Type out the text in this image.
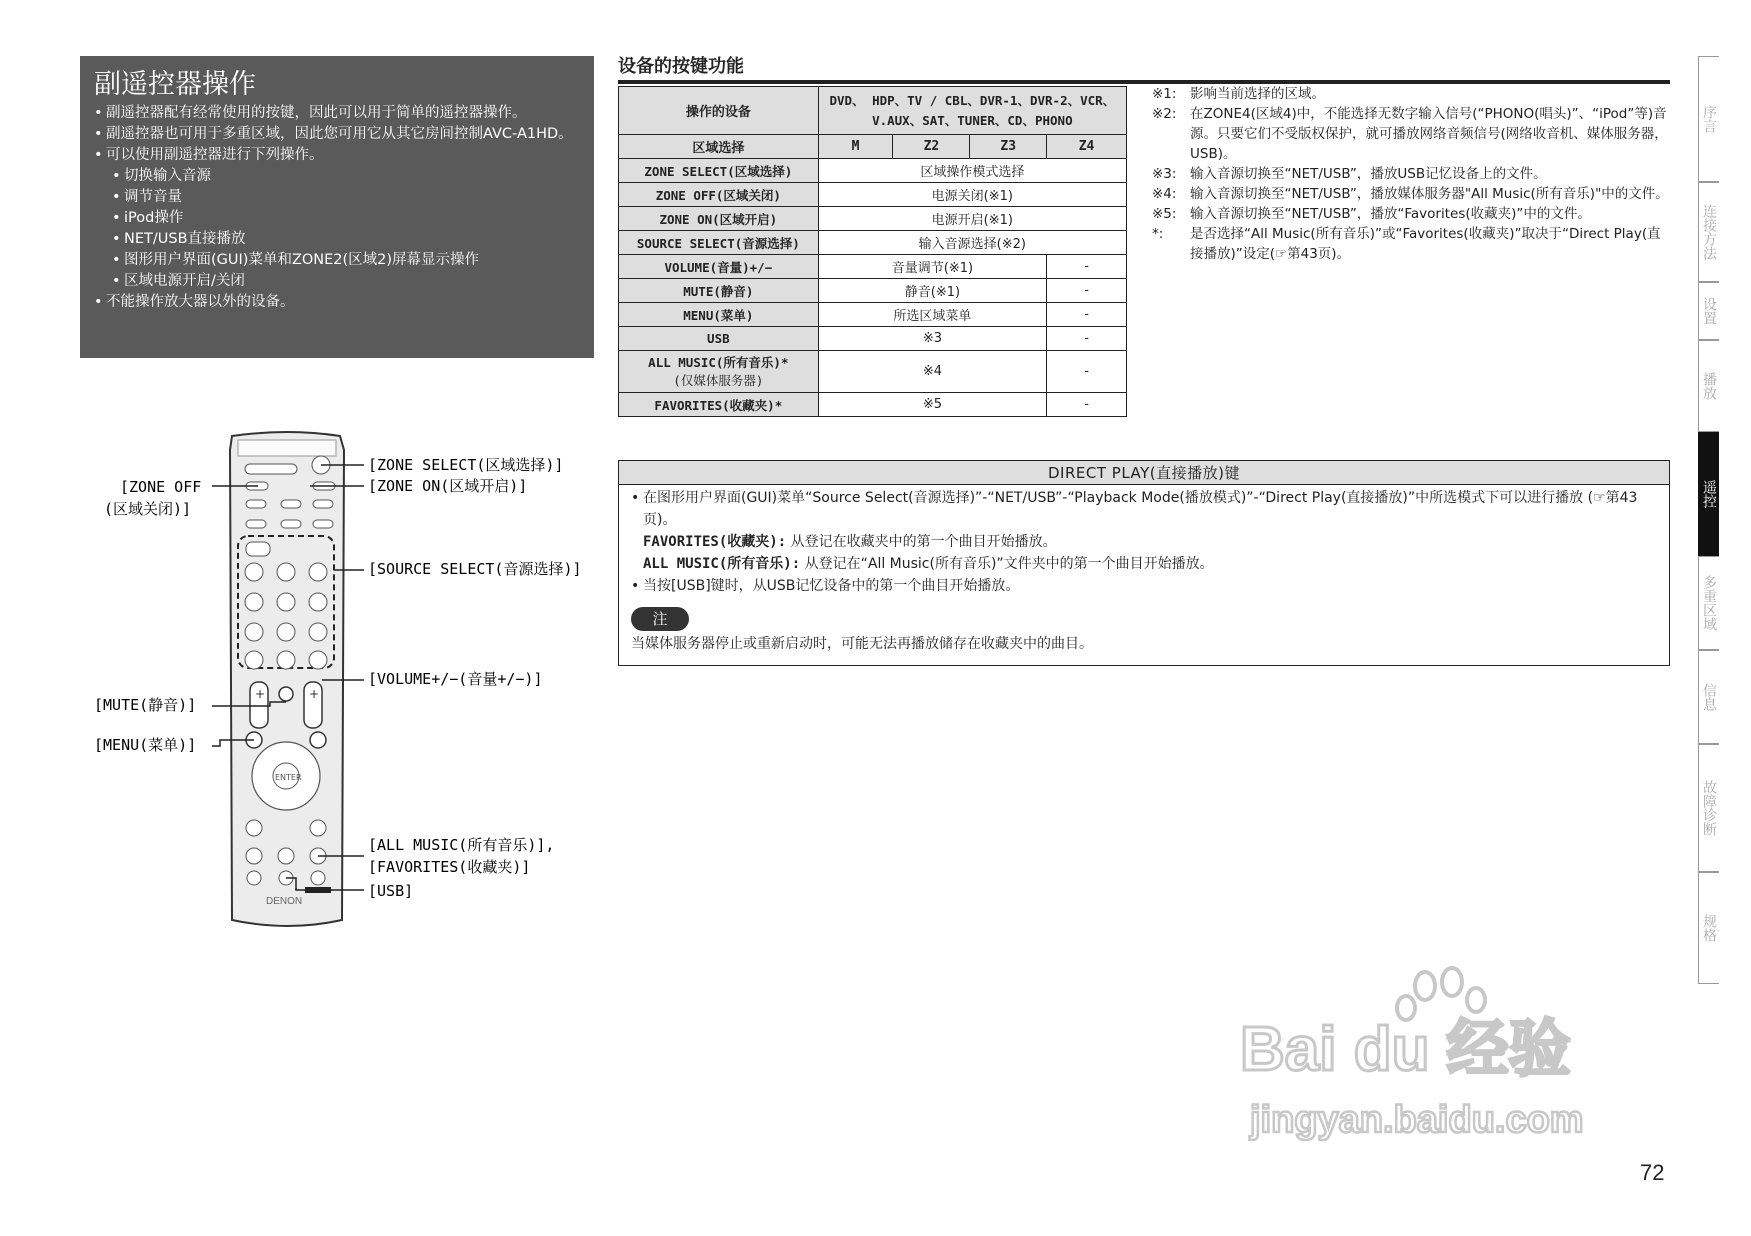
副遥控器操作
• 副遥控器配有经常使用的按键，因此可以用于简单的遥控器操作。
• 副遥控器也可用于多重区域，因此您可用它从其它房间控制AVC-A1HD。
• 可以使用副遥控器进行下列操作。
• 切换输入音源
• 调节音量
• iPod操作
• NET/USB直接播放
• 图形用户界面(GUI)菜单和ZONE2(区域2)屏幕显示操作
• 区域电源开启/关闭
• 不能操作放大器以外的设备。
设备的按键功能
操作的设备	DVD、 HDP、TV / CBL、DVR-1、DVR-2、VCR、V.AUX、SAT、TUNER、CD、PHONO			
区域选择	M	Z2	Z3	Z4
ZONE SELECT(区域选择)	区域操作模式选择			
ZONE OFF(区域关闭)	电源关闭(※1)			
ZONE ON(区域开启)	电源开启(※1)			
SOURCE SELECT(音源选择)	输入音源选择(※2)			
VOLUME(音量)+/−	音量调节(※1)			-
MUTE(静音)	静音(※1)			-
MENU(菜单)	所选区域菜单			-
USB	※3			-

ALL MUSIC(所有音乐)*
(仅媒体服务器)	※4			-
FAVORITES(收藏夹)*	※5			-
※1:	影响当前选择的区域。
※2:	在ZONE4(区域4)中，不能选择无数字输入信号(“PHONO(唱头)”、“iPod”等)音源。只要它们不受版权保护，就可播放网络音频信号(网络收音机、媒体服务器，USB)。
※3:	输入音源切换至“NET/USB”，播放USB记忆设备上的文件。
※4:	输入音源切换至“NET/USB”，播放媒体服务器"All Music(所有音乐)"中的文件。
※5:	输入音源切换至“NET/USB”，播放“Favorites(收藏夹)”中的文件。
*:	是否选择“All Music(所有音乐)”或“Favorites(收藏夹)”取决于“Direct Play(直接播放)”设定(☞第43页)。
DIRECT PLAY(直接播放)键
• 在图形用户界面(GUI)菜单“Source Select(音源选择)”-“NET/USB”-“Playback Mode(播放模式)”-“Direct Play(直接播放)”中所选模式下可以进行播放 (☞第43页)。
FAVORITES(收藏夹): 从登记在收藏夹中的第一个曲目开始播放。
ALL MUSIC(所有音乐): 从登记在“All Music(所有音乐)”文件夹中的第一个曲目开始播放。
• 当按[USB]键时，从USB记忆设备中的第一个曲目开始播放。
注
当媒体服务器停止或重新启动时，可能无法再播放储存在收藏夹中的曲目。
+	+
ENTER
DENON
[ZONE SELECT(区域选择)]
[ZONE ON(区域开启)]
[ZONE OFF
(区域关闭)]
[SOURCE SELECT(音源选择)]
[VOLUME+/−(音量+/−)]
[MUTE(静音)]
[MENU(菜单)]
[ALL MUSIC(所有音乐)],
[FAVORITES(收藏夹)]
[USB]
序言
连接方法
设置
播放
遥控
多重区域
信息
故障诊断
规格
Bai du 经验
jingyan.baidu.com
72
